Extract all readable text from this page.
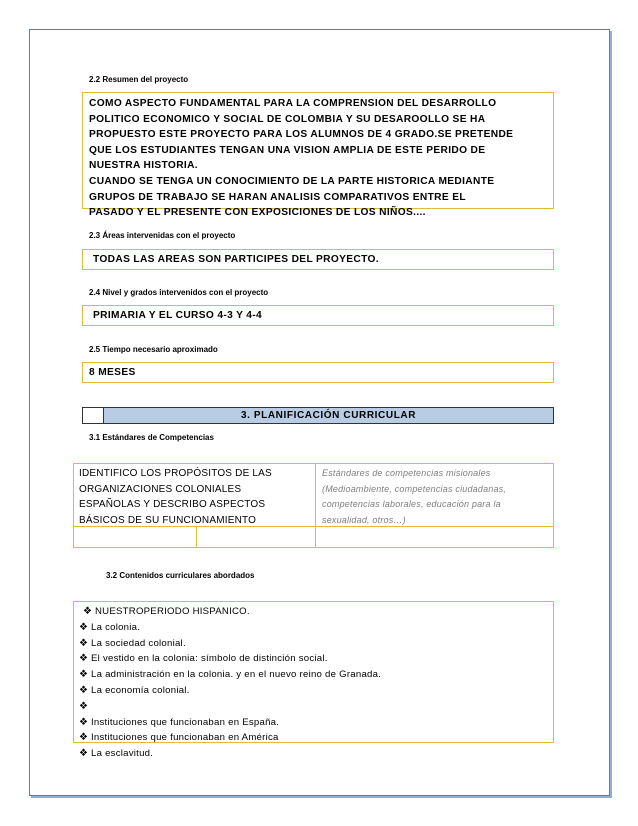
2.2 Resumen del proyecto
COMO ASPECTO FUNDAMENTAL PARA LA COMPRENSION DEL DESARROLLO
POLITICO ECONOMICO Y SOCIAL DE COLOMBIA Y SU DESAROOLLO SE HA
PROPUESTO ESTE PROYECTO PARA LOS ALUMNOS DE 4 GRADO.SE PRETENDE
QUE LOS ESTUDIANTES TENGAN UNA VISION AMPLIA DE ESTE PERIDO DE
NUESTRA HISTORIA.
CUANDO SE TENGA UN CONOCIMIENTO DE LA PARTE HISTORICA MEDIANTE
GRUPOS DE TRABAJO SE HARAN ANALISIS COMPARATIVOS ENTRE EL
PASADO Y EL PRESENTE CON EXPOSICIONES DE LOS NIÑOS....
2.3 Áreas intervenidas con el proyecto
TODAS LAS AREAS SON PARTICIPES DEL PROYECTO.
2.4 Nivel y grados intervenidos con el proyecto
PRIMARIA Y EL CURSO 4-3 Y 4-4
2.5 Tiempo necesario aproximado
8 MESES
3. PLANIFICACIÓN CURRICULAR
3.1 Estándares de Competencias
IDENTIFICO LOS PROPÓSITOS DE LAS
ORGANIZACIONES COLONIALES
ESPAÑOLAS Y DESCRIBO ASPECTOS
BÁSICOS DE SU FUNCIONAMIENTO
Estándares de competencias misionales
(Medioambiente, competencias ciudadanas,
competencias laborales, educación para la
sexualidad, otros…)
3.2 Contenidos curriculares abordados
❖ NUESTROPERIODO HISPANICO.
❖ La colonia.
❖ La sociedad colonial.
❖ El vestido en la colonia: símbolo de distinción social.
❖ La administración en la colonia. y en el nuevo reino de Granada.
❖ La economía colonial.
❖
❖ Instituciones que funcionaban en España.
❖ Instituciones que funcionaban en América
❖ La esclavitud.
